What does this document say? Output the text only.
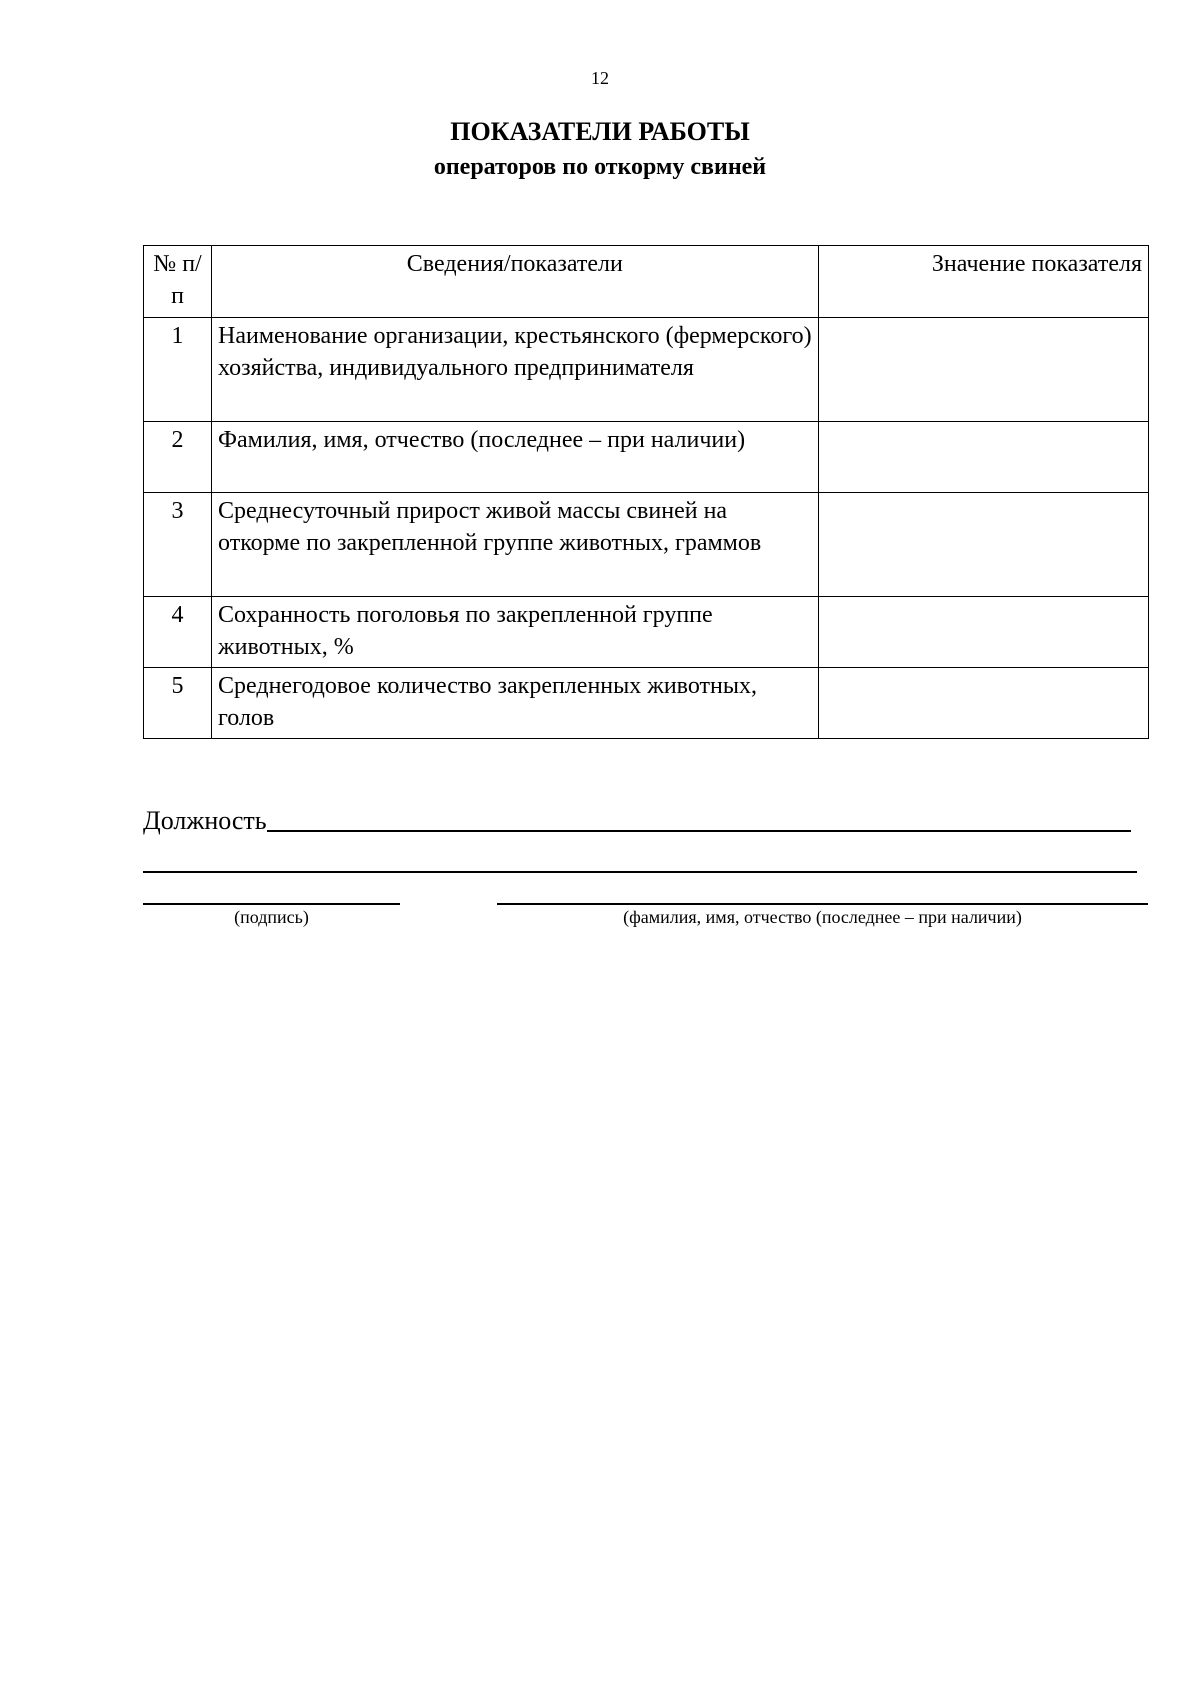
12
ПОКАЗАТЕЛИ РАБОТЫ
операторов по откорму свиней
№ п/п	Сведения/показатели	Значение показателя
1	Наименование организации, крестьянского (фермерского) хозяйства, индивидуального предпринимателя	
2	Фамилия, имя, отчество (последнее – при наличии)	
3	Среднесуточный прирост живой массы свиней на откорме по закрепленной группе животных, граммов	
4	Сохранность поголовья по закрепленной группе животных, %	
5	Среднегодовое количество закрепленных животных, голов	
Должность
(подпись)	(фамилия, имя, отчество (последнее – при наличии)
